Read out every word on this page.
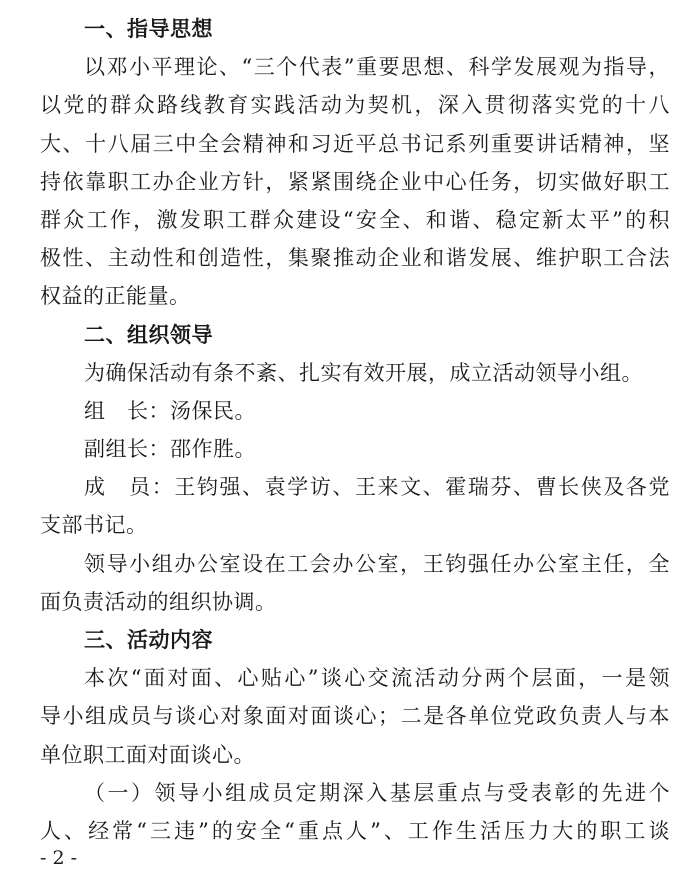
一、指导思想
以邓小平理论、“三个代表”重要思想、科学发展观为指导，
以党的群众路线教育实践活动为契机，深入贯彻落实党的十八
大、十八届三中全会精神和习近平总书记系列重要讲话精神，坚
持依靠职工办企业方针，紧紧围绕企业中心任务，切实做好职工
群众工作，激发职工群众建设“安全、和谐、稳定新太平”的积
极性、主动性和创造性，集聚推动企业和谐发展、维护职工合法
权益的正能量。
二、组织领导
为确保活动有条不紊、扎实有效开展，成立活动领导小组。
组　长：汤保民。
副组长：邵作胜。
成　员：王钧强、袁学访、王来文、霍瑞芬、曹长侠及各党
支部书记。
领导小组办公室设在工会办公室，王钧强任办公室主任，全
面负责活动的组织协调。
三、活动内容
本次“面对面、心贴心”谈心交流活动分两个层面，一是领
导小组成员与谈心对象面对面谈心；二是各单位党政负责人与本
单位职工面对面谈心。
（一）领导小组成员定期深入基层重点与受表彰的先进个
人、经常“三违”的安全“重点人”、工作生活压力大的职工谈
- 2 -
